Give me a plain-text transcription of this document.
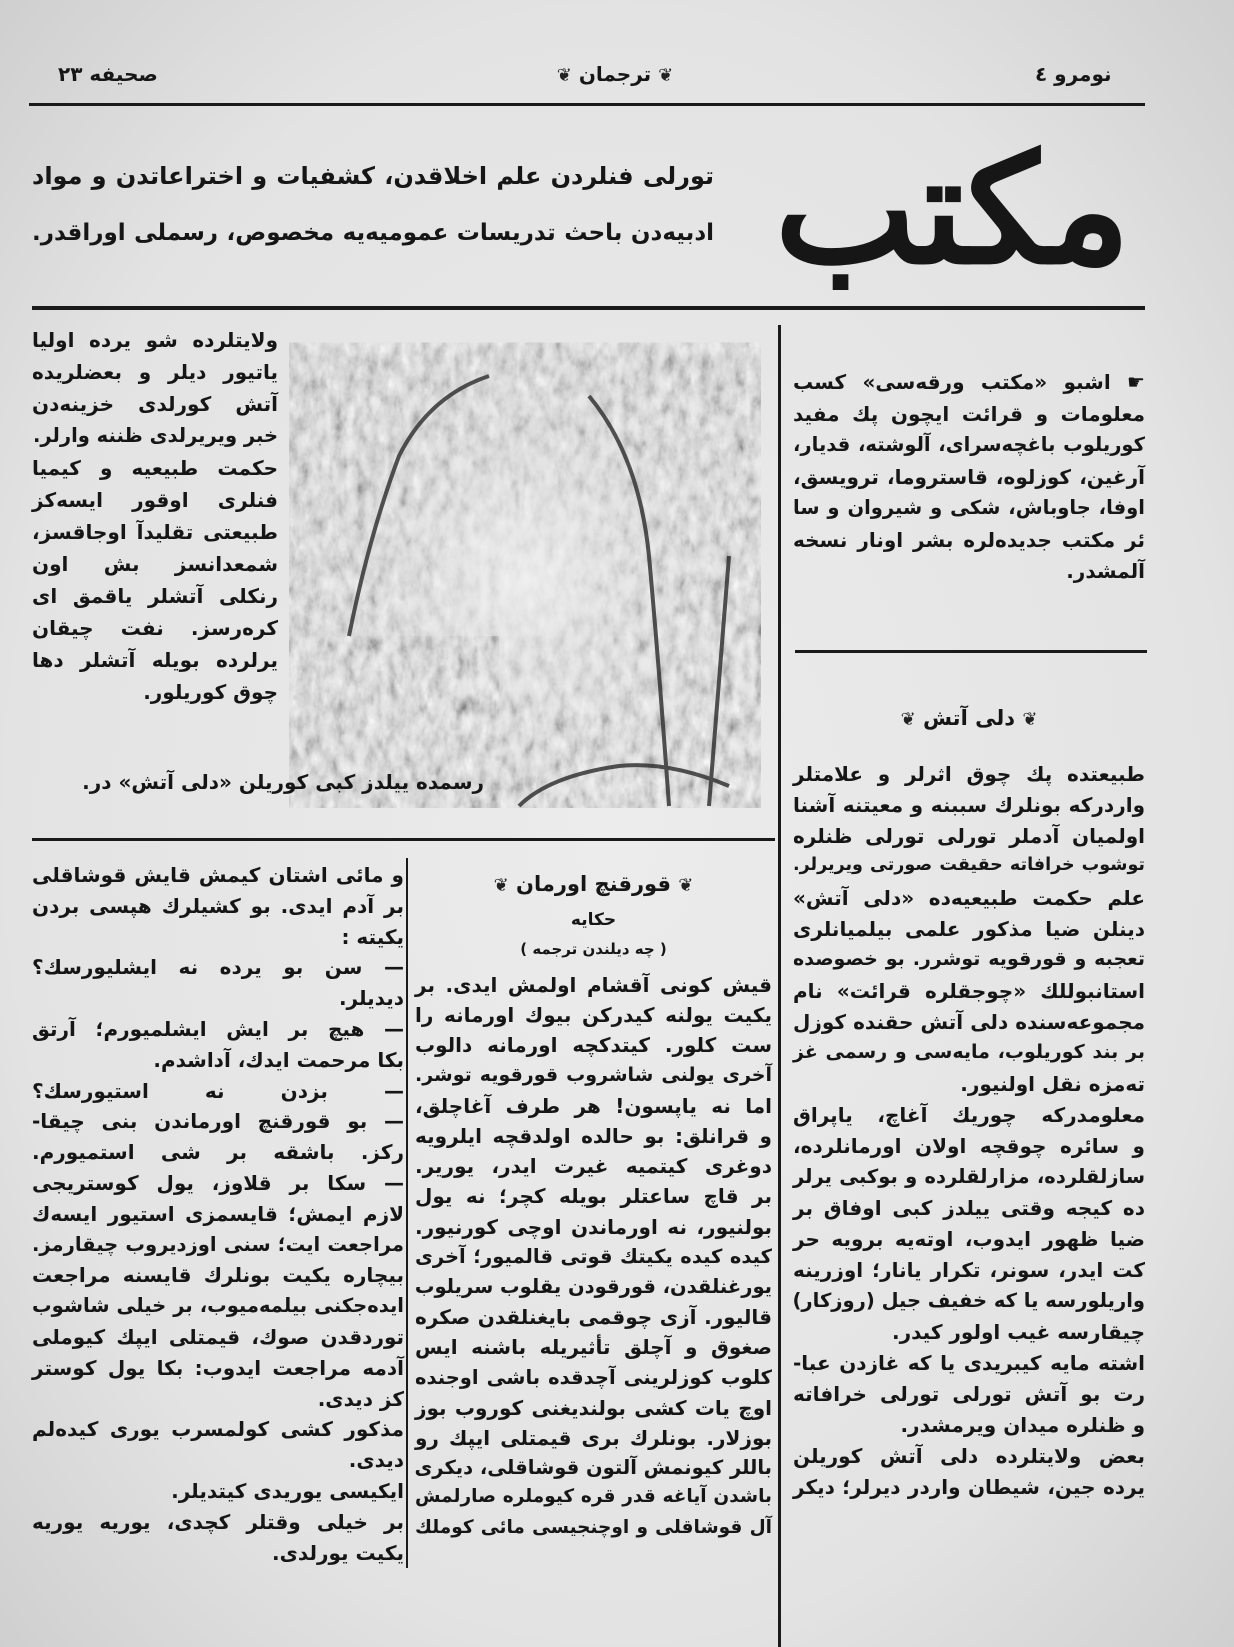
صحیفه ۲۳	❦ ترجمان ❦	نومرو ٤
تورلی فنلردن علم اخلاقدن، کشفیات و اختراعاتدن و مواد
ادبیه‌دن باحث تدریسات عمومیه‌یه مخصوص، رسملی اوراقدر. مکتب
ولایتلرده شو یرده اولیا
یاتیور دیلر و بعضلریده
آتش کورلدی خزینه‌دن
خبر ویریرلدی ظننه وارلر.
حکمت طبیعیه و کیمیا
فنلری اوقور ایسه‌کز
طبیعتی تقلیدآ اوجاقسز،
شمعدانسز بش اون
رنکلی آتشلر یاقمق ای
کره‌رسز. نفت چیقان
یرلرده بویله آتشلر دها
چوق کوریلور.
رسمده ییلدز کبی کوریلن «دلی آتش» در.
☛ اشبو «مکتب ورقه‌سی» کسب
معلومات و قرائت ایچون پك مفید
کوریلوب باغچه‌سرای، آلوشته، قدیار،
آرغین، کوزلوه، قاستروما، ترویسق،
اوفا، جاوباش، شکی و شیروان و سا
ئر مکتب جدیده‌لره بشر اونار نسخه
آلمشدر.
❦ دلی آتش ❦
طبیعتده پك چوق اثرلر و علامتلر
واردرکه بونلرك سببنه و معیتنه آشنا
اولمیان آدملر تورلی تورلی ظنلره
توشوب خرافاته حقیقت صورتی ویریرلر.
علم حکمت طبیعیه‌ده «دلی آتش»
دینلن ضیا مذکور علمی بیلمیانلری
تعجبه و قورقویه توشرر. بو خصوصده
استانبوللك «چوجقلره قرائت» نام
مجموعه‌سنده دلی آتش حقنده کوزل
بر بند کوریلوب، مایه‌سی و رسمی غز
ته‌مزه نقل اولنیور.
معلومدرکه چوریك آغاچ، یاپراق
و سائره چوقچه اولان اورمانلرده،
سازلقلرده، مزارلقلرده و بوکبی یرلر
ده کیجه وقتی ییلدز کبی اوفاق بر
ضیا ظهور ایدوب، اوته‌یه برویه حر
کت ایدر، سونر، تکرار یانار؛ اوزرینه
واریلورسه یا که خفیف جیل (روزکار)
چیقارسه غیب اولور کیدر.
اشته مایه کیبریدی یا که غازدن عبا-
رت بو آتش تورلی تورلی خرافاته
و ظنلره میدان ویرمشدر.
بعض ولایتلرده دلی آتش کوریلن
یرده جین، شیطان واردر دیرلر؛ دیکر
❦ قورقنچ اورمان ❦
حکایه
( چه دیلندن ترجمه )
قیش کونی آقشام اولمش ایدی. بر
یکیت یولنه کیدرکن بیوك اورمانه را
ست کلور. کیتدکچه اورمانه دالوب
آخری یولنی شاشروب قورقویه توشر.
اما نه یاپسون! هر طرف آغاچلق،
و قرانلق: بو حالده اولدقچه ایلرویه
دوغری کیتمیه غیرت ایدر، یوریر.
بر قاچ ساعتلر بویله کچر؛ نه یول
بولنیور، نه اورماندن اوچی کورنیور.
کیده کیده یکیتك قوتی قالمیور؛ آخری
یورغنلقدن، قورقودن یقلوب سریلوب
قالیور. آزی چوقمی بایغنلقدن صکره
صغوق و آچلق تأثیریله باشنه ایس
کلوب کوزلرینی آچدقده باشی اوجنده
اوچ یات کشی بولندیغنی کوروب بوز
بوزلار. بونلرك بری قیمتلی ایپك رو
باللر کیونمش آلتون قوشاقلی، دیکری
باشدن آیاغه قدر قره کیوملره صارلمش
آل قوشاقلی و اوچنجیسی مائی کوملك
و مائی اشتان کیمش قایش قوشاقلی
بر آدم ایدی. بو کشیلرك هپسی بردن
یکیته :
— سن بو یرده نه ایشلیورسك؟
دیدیلر.
— هیچ بر ایش ایشلمیورم؛ آرتق
بکا مرحمت ایدك، آداشدم.
— بزدن نه استیورسك؟
— بو قورقنچ اورماندن بنی چیقا-
رکز. باشقه بر شی استمیورم.
— سکا بر قلاوز، یول کوستریجی
لازم ایمش؛ قایسمزی استیور ایسه‌ك
مراجعت ایت؛ سنی اوزدیروب چیقارمز.
بیچاره یکیت بونلرك قایسنه مراجعت
ایده‌جکنی بیلمه‌میوب، بر خیلی شاشوب
توردقدن صوك، قیمتلی ایپك کیوملی
آدمه مراجعت ایدوب: بکا یول کوستر
کز دیدی.
مذکور کشی کولمسرب یوری کیده‌لم
دیدی.
ایکیسی یوریدی کیتدیلر.
بر خیلی وقتلر کچدی، یوریه یوریه
یکیت یورلدی.
